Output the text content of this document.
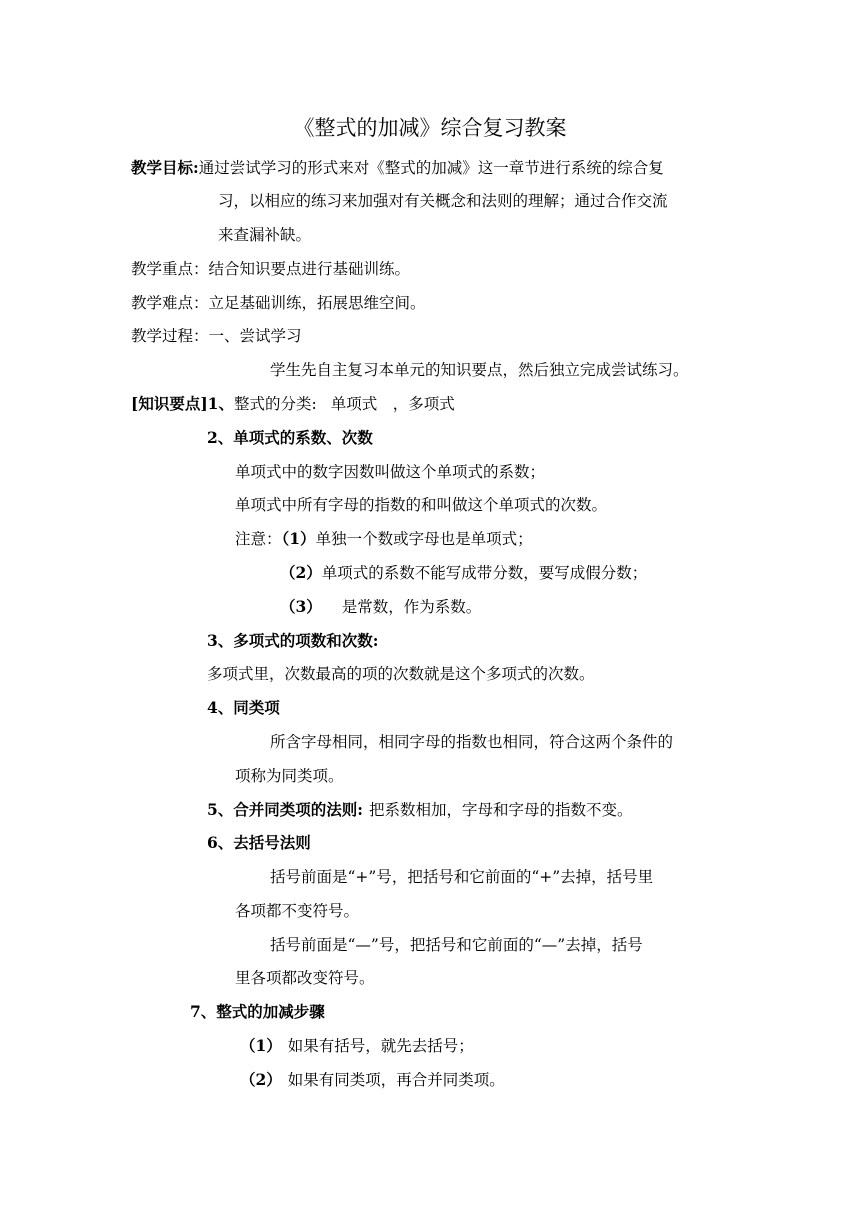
《整式的加减》综合复习教案
教学目标:通过尝试学习的形式来对《整式的加减》这一章节进行系统的综合复
习，以相应的练习来加强对有关概念和法则的理解；通过合作交流
来查漏补缺。
教学重点：结合知识要点进行基础训练。
教学难点：立足基础训练，拓展思维空间。
教学过程：一、尝试学习
学生先自主复习本单元的知识要点，然后独立完成尝试练习。
[知识要点]1、整式的分类: 单项式　，多项式
2、单项式的系数、次数
单项式中的数字因数叫做这个单项式的系数；
单项式中所有字母的指数的和叫做这个单项式的次数。
注意：（1）单独一个数或字母也是单项式；
（2）单项式的系数不能写成带分数，要写成假分数；
（3） 是常数，作为系数。
3、多项式的项数和次数:
多项式里，次数最高的项的次数就是这个多项式的次数。
4、同类项
所含字母相同，相同字母的指数也相同，符合这两个条件的
项称为同类项。
5、合并同类项的法则: 把系数相加，字母和字母的指数不变。
6、去括号法则
括号前面是“+”号，把括号和它前面的“+”去掉，括号里
各项都不变符号。
括号前面是“—”号，把括号和它前面的“—”去掉，括号
里各项都改变符号。
7、整式的加减步骤
（1） 如果有括号，就先去括号；
（2） 如果有同类项，再合并同类项。
